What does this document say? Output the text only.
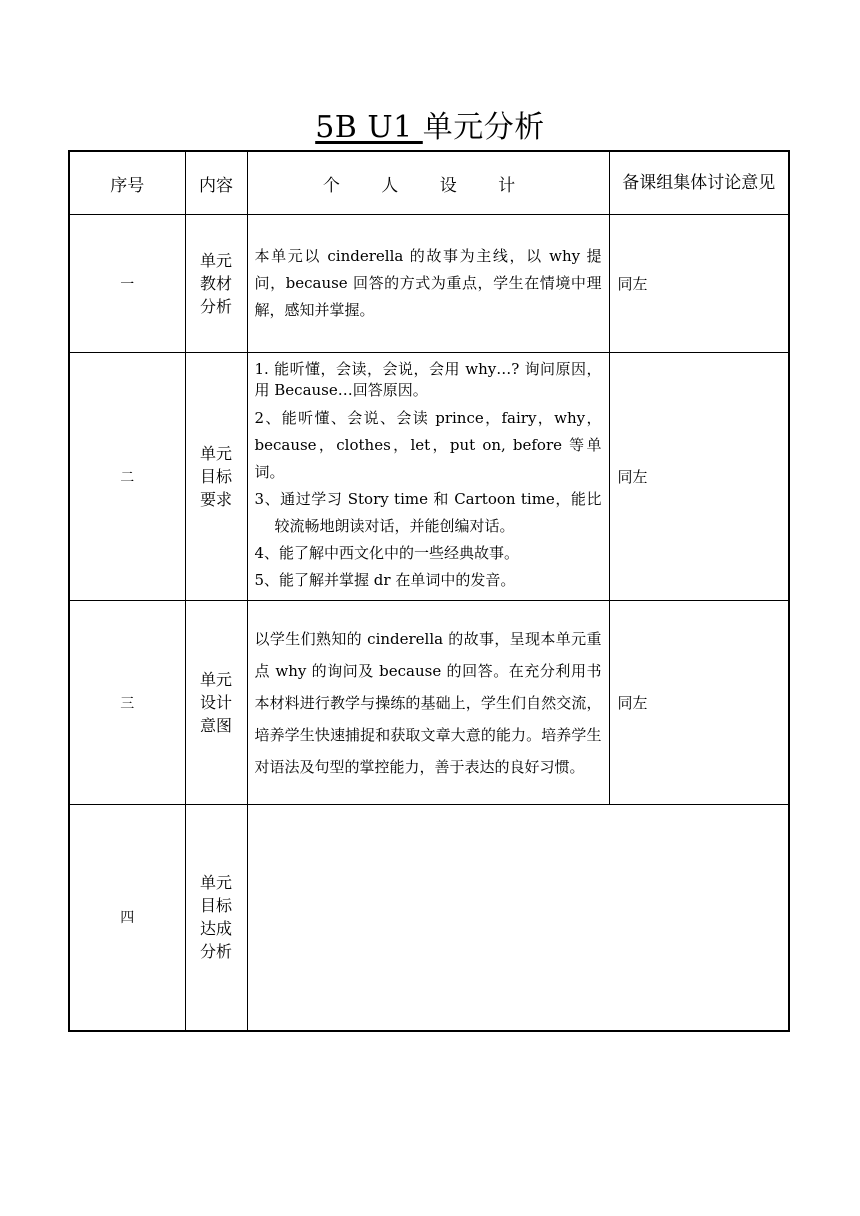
5B U1 单元分析
序号	内容	个 人 设 计	备课组集体讨论意见
一	单元教材分析	本单元以 cinderella 的故事为主线，以 why 提问，because 回答的方式为重点，学生在情境中理解，感知并掌握。	同左
二	单元目标要求	1. 能听懂，会读，会说，会用 why…? 询问原因，用 Because…回答原因。

2、能听懂、会说、会读 prince，fairy，why，because，clothes，let，put on, before 等单词。

3、通过学习 Story time 和 Cartoon time，能比较流畅地朗读对话，并能创编对话。

4、能了解中西文化中的一些经典故事。

5、能了解并掌握 dr 在单词中的发音。	同左
三	单元设计意图	以学生们熟知的 cinderella 的故事，呈现本单元重点 why 的询问及 because 的回答。在充分利用书本材料进行教学与操练的基础上，学生们自然交流，培养学生快速捕捉和获取文章大意的能力。培养学生对语法及句型的掌控能力，善于表达的良好习惯。	同左
四	单元目标达成分析		
